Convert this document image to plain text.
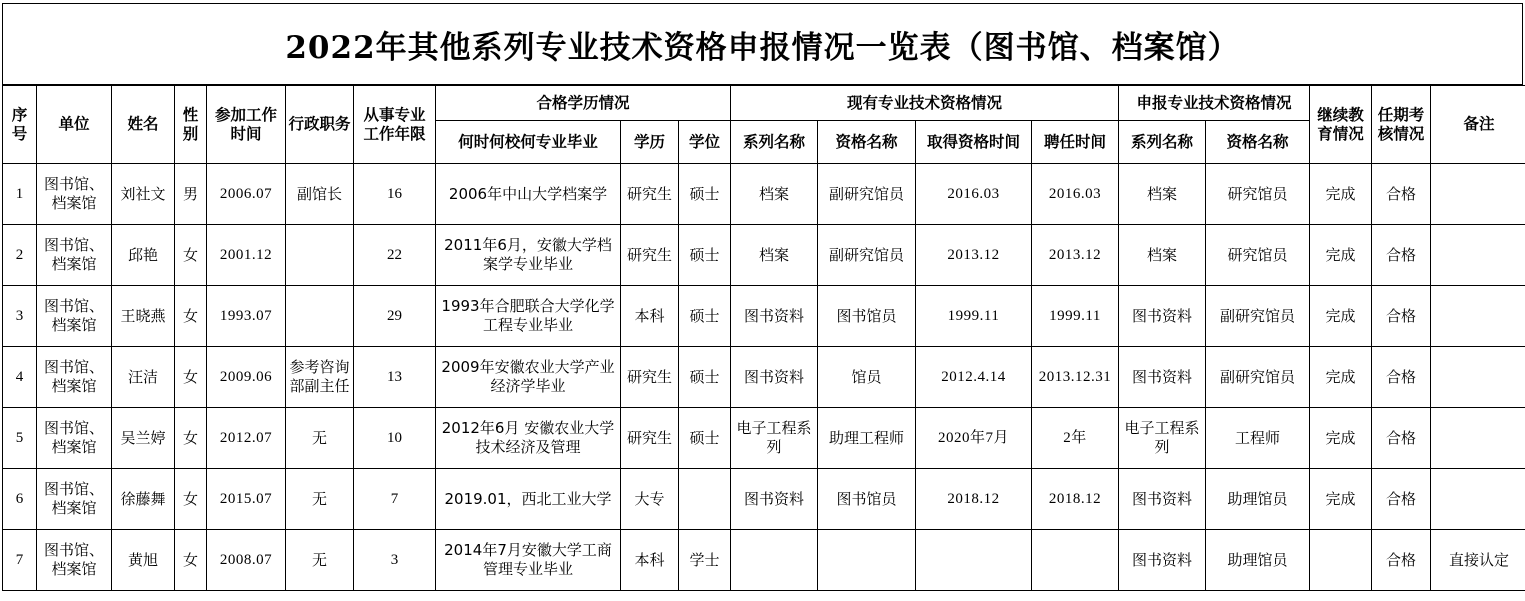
2022年其他系列专业技术资格申报情况一览表（图书馆、档案馆）
序号	单位	姓名	性别	参加工作时间	行政职务	从事专业工作年限	合格学历情况			现有专业技术资格情况				申报专业技术资格情况		继续教育情况	任期考核情况	备注
							何时何校何专业毕业	学历	学位	系列名称	资格名称	取得资格时间	聘任时间	系列名称	资格名称			
1	图书馆、档案馆	刘社文	男	2006.07	副馆长	16	2006年中山大学档案学	研究生	硕士	档案	副研究馆员	2016.03	2016.03	档案	研究馆员	完成	合格	
2	图书馆、档案馆	邱艳	女	2001.12		22	2011年6月，安徽大学档案学专业毕业	研究生	硕士	档案	副研究馆员	2013.12	2013.12	档案	研究馆员	完成	合格	
3	图书馆、档案馆	王晓燕	女	1993.07		29	1993年合肥联合大学化学工程专业毕业	本科	硕士	图书资料	图书馆员	1999.11	1999.11	图书资料	副研究馆员	完成	合格	
4	图书馆、档案馆	汪洁	女	2009.06	参考咨询部副主任	13	2009年安徽农业大学产业经济学毕业	研究生	硕士	图书资料	馆员	2012.4.14	2013.12.31	图书资料	副研究馆员	完成	合格	
5	图书馆、档案馆	吴兰婷	女	2012.07	无	10	2012年6月 安徽农业大学技术经济及管理	研究生	硕士	电子工程系列	助理工程师	2020年7月	2年	电子工程系列	工程师	完成	合格	
6	图书馆、档案馆	徐藤舞	女	2015.07	无	7	2019.01，西北工业大学	大专		图书资料	图书馆员	2018.12	2018.12	图书资料	助理馆员	完成	合格	
7	图书馆、档案馆	黄旭	女	2008.07	无	3	2014年7月安徽大学工商管理专业毕业	本科	学士					图书资料	助理馆员		合格	直接认定
